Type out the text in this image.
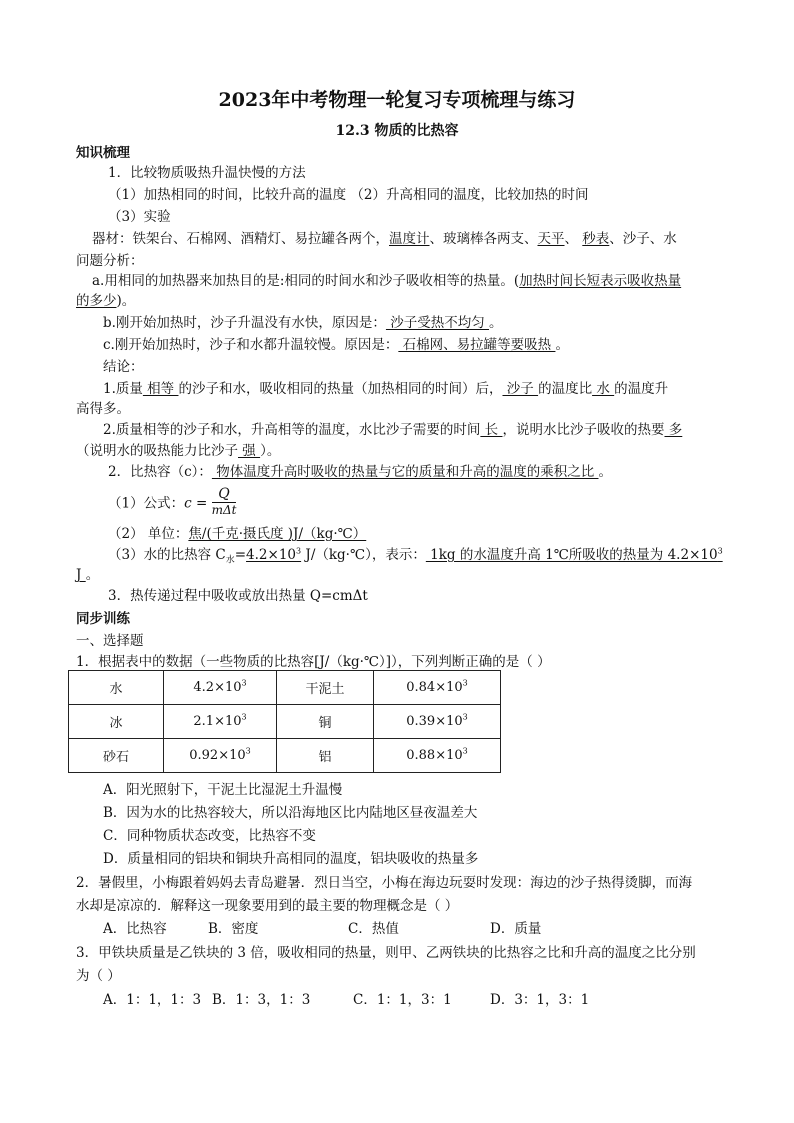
2023年中考物理一轮复习专项梳理与练习
12.3 物质的比热容
知识梳理
1．比较物质吸热升温快慢的方法
（1）加热相同的时间，比较升高的温度 （2）升高相同的温度，比较加热的时间
（3）实验
器材：铁架台、石棉网、酒精灯、易拉罐各两个，温度计、玻璃棒各两支、天平、 秒表、沙子、水
问题分析：
a.用相同的加热器来加热目的是:相同的时间水和沙子吸收相等的热量。(加热时间长短表示吸收热量
的多少)。
b.刚开始加热时，沙子升温没有水快，原因是： 沙子受热不均匀 。
c.刚开始加热时，沙子和水都升温较慢。原因是： 石棉网、易拉罐等要吸热 。
结论：
1.质量 相等 的沙子和水，吸收相同的热量（加热相同的时间）后， 沙子 的温度比 水 的温度升
高得多。
2.质量相等的沙子和水，升高相等的温度，水比沙子需要的时间 长 ，说明水比沙子吸收的热要 多
（说明水的吸热能力比沙子 强 ）。
2．比热容（c）： 物体温度升高时吸收的热量与它的质量和升高的温度的乘积之比 。
（1）公式：$c = \frac{Q}{\text{mΔt}}$
（2） 单位：焦/(千克·摄氏度 )J/（kg·℃）
（3）水的比热容 $C_水=4.2\times 10^3$ J/（kg·℃），表示： 1kg 的水温度升高 1℃所吸收的热量为 $4.2\times 10^3$
J 。
3．热传递过程中吸收或放出热量 Q=cmΔt
同步训练
一、选择题
1．根据表中的数据（一些物质的比热容[J/（kg·℃）]），下列判断正确的是（ ）
水	$4.2\times 10^3$	干泥土	$0.84\times 10^3$
冰	$2.1\times 10^3$	铜	$0.39\times 10^3$
砂石	$0.92\times 10^3$	铝	$0.88\times 10^3$
A．阳光照射下，干泥土比湿泥土升温慢
B．因为水的比热容较大，所以沿海地区比内陆地区昼夜温差大
C．同种物质状态改变，比热容不变
D．质量相同的铝块和铜块升高相同的温度，铝块吸收的热量多
2．暑假里，小梅跟着妈妈去青岛避暑．烈日当空，小梅在海边玩耍时发现：海边的沙子热得烫脚，而海
水却是凉凉的．解释这一现象要用到的最主要的物理概念是（ ）
A．比热容	B．密度	C．热值	D．质量
3．甲铁块质量是乙铁块的 3 倍，吸收相同的热量，则甲、乙两铁块的比热容之比和升高的温度之比分别
为（ ）
A．1：1，1：3 B．1：3，1：3	C．1：1，3：1	D．3：1，3：1
